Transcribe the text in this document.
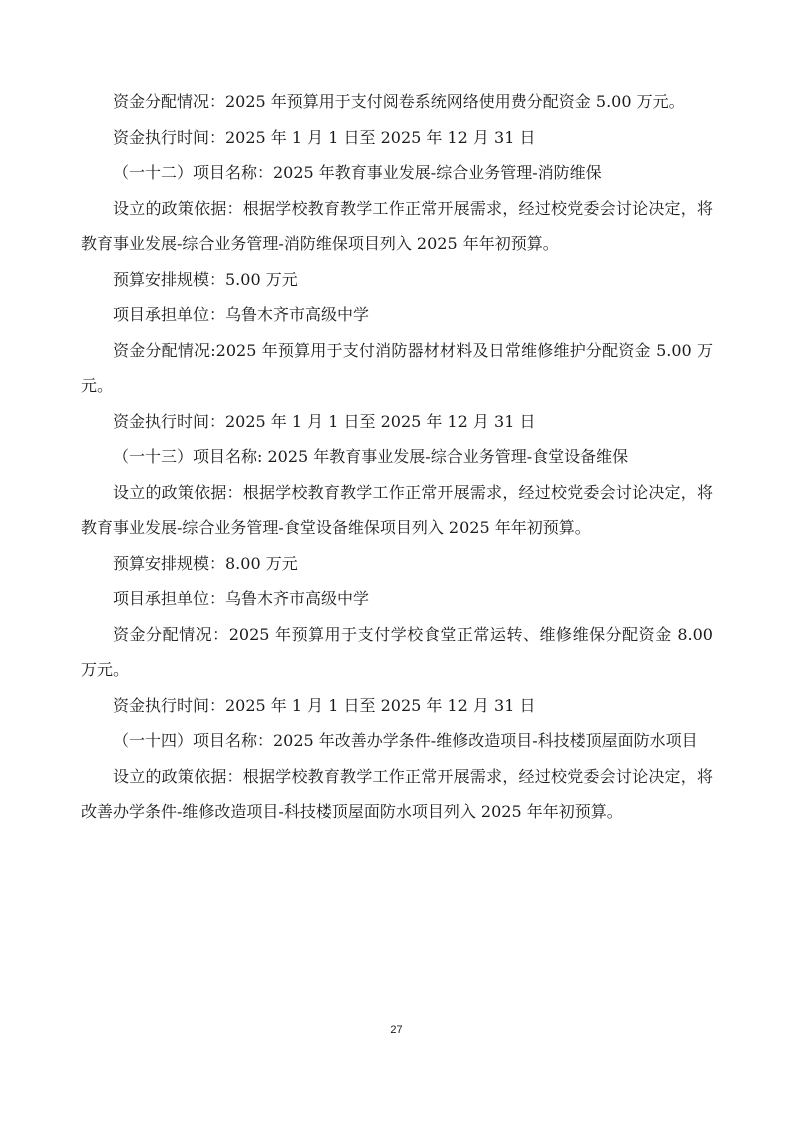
资金分配情况：2025 年预算用于支付阅卷系统网络使用费分配资金 5.00 万元。

资金执行时间：2025 年 1 月 1 日至 2025 年 12 月 31 日

（一十二）项目名称：2025 年教育事业发展-综合业务管理-消防维保

设立的政策依据：根据学校教育教学工作正常开展需求，经过校党委会讨论决定，将教育事业发展-综合业务管理-消防维保项目列入 2025 年年初预算。

预算安排规模：5.00 万元

项目承担单位：乌鲁木齐市高级中学

资金分配情况:2025 年预算用于支付消防器材材料及日常维修维护分配资金 5.00 万元。

资金执行时间：2025 年 1 月 1 日至 2025 年 12 月 31 日

（一十三）项目名称: 2025 年教育事业发展-综合业务管理-食堂设备维保

设立的政策依据：根据学校教育教学工作正常开展需求，经过校党委会讨论决定，将教育事业发展-综合业务管理-食堂设备维保项目列入 2025 年年初预算。

预算安排规模：8.00 万元

项目承担单位：乌鲁木齐市高级中学

资金分配情况：2025 年预算用于支付学校食堂正常运转、维修维保分配资金 8.00 万元。

资金执行时间：2025 年 1 月 1 日至 2025 年 12 月 31 日

（一十四）项目名称：2025 年改善办学条件-维修改造项目-科技楼顶屋面防水项目

设立的政策依据：根据学校教育教学工作正常开展需求，经过校党委会讨论决定，将改善办学条件-维修改造项目-科技楼顶屋面防水项目列入 2025 年年初预算。

27
